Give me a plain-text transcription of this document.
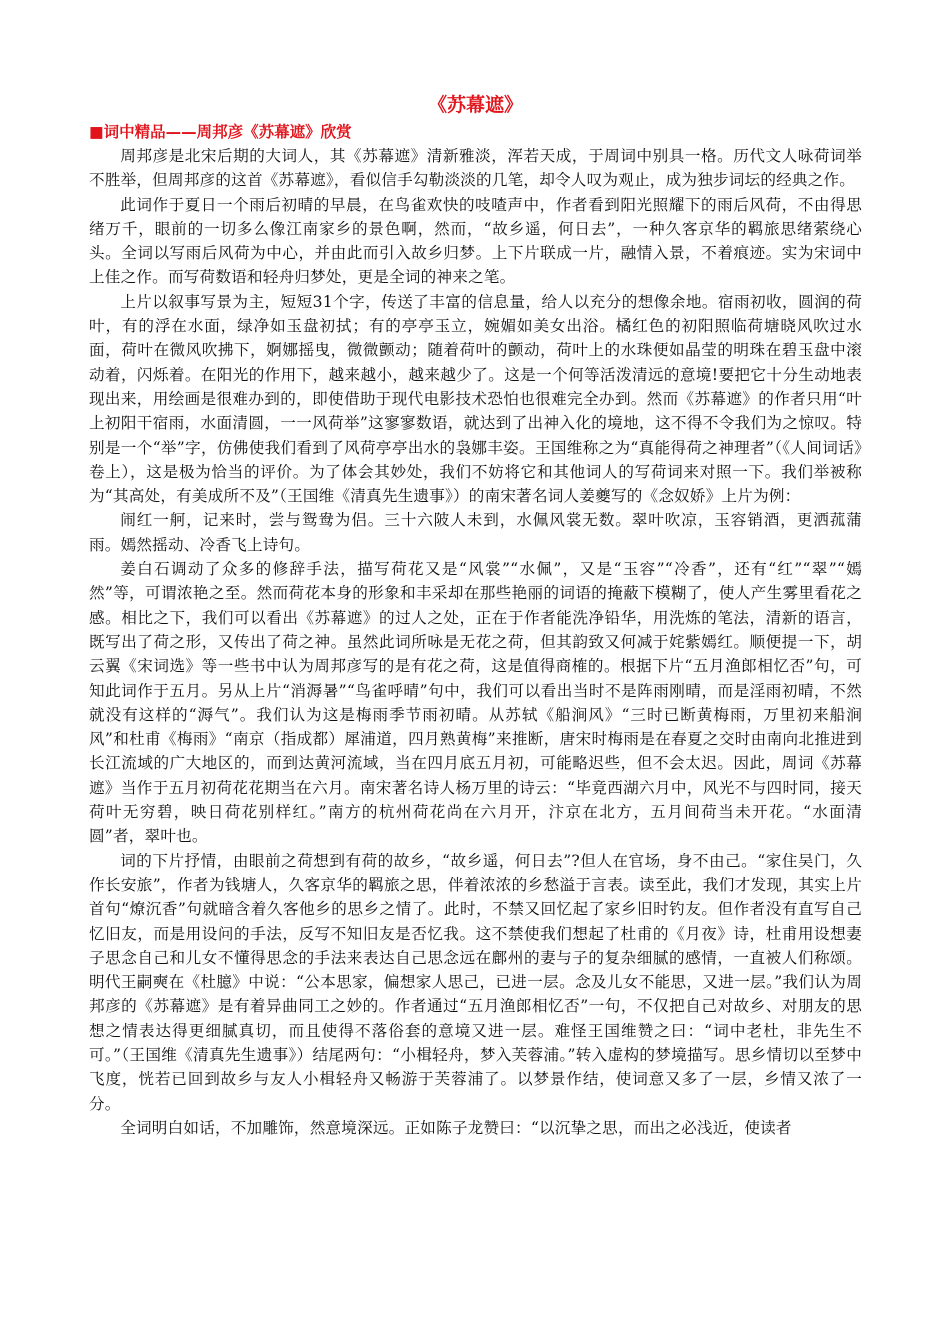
《苏幕遮》

■词中精品——周邦彦《苏幕遮》欣赏

周邦彦是北宋后期的大词人，其《苏幕遮》清新雅淡，浑若天成，于周词中别具一格。历代文人咏荷词举不胜举，但周邦彦的这首《苏幕遮》，看似信手勾勒淡淡的几笔，却令人叹为观止，成为独步词坛的经典之作。

此词作于夏日一个雨后初晴的早晨，在鸟雀欢快的吱喳声中，作者看到阳光照耀下的雨后风荷，不由得思绪万千，眼前的一切多么像江南家乡的景色啊，然而，“故乡遥，何日去”，一种久客京华的羁旅思绪萦绕心头。全词以写雨后风荷为中心，并由此而引入故乡归梦。上下片联成一片，融情入景，不着痕迹。实为宋词中上佳之作。而写荷数语和轻舟归梦处，更是全词的神来之笔。

上片以叙事写景为主，短短31个字，传送了丰富的信息量，给人以充分的想像余地。宿雨初收，圆润的荷叶，有的浮在水面，绿净如玉盘初拭；有的亭亭玉立，婉媚如美女出浴。橘红色的初阳照临荷塘晓风吹过水面，荷叶在微风吹拂下，婀娜摇曳，微微颤动；随着荷叶的颤动，荷叶上的水珠便如晶莹的明珠在碧玉盘中滚动着，闪烁着。在阳光的作用下，越来越小，越来越少了。这是一个何等活泼清远的意境!要把它十分生动地表现出来，用绘画是很难办到的，即使借助于现代电影技术恐怕也很难完全办到。然而《苏幕遮》的作者只用“叶上初阳干宿雨，水面清圆，一一风荷举”这寥寥数语，就达到了出神入化的境地，这不得不令我们为之惊叹。特别是一个“举”字，仿佛使我们看到了风荷亭亭出水的袅娜丰姿。王国维称之为“真能得荷之神理者”（《人间词话》卷上），这是极为恰当的评价。为了体会其妙处，我们不妨将它和其他词人的写荷词来对照一下。我们举被称为“其高处，有美成所不及”（王国维《清真先生遗事》）的南宋著名词人姜夔写的《念奴娇》上片为例：

闹红一舸，记来时，尝与鸳鸯为侣。三十六陂人未到，水佩风裳无数。翠叶吹凉，玉容销酒，更洒菰蒲雨。嫣然摇动、冷香飞上诗句。

姜白石调动了众多的修辞手法，描写荷花又是“风裳”“水佩”，又是“玉容”“冷香”，还有“红”“翠”“嫣然”等，可谓浓艳之至。然而荷花本身的形象和丰采却在那些艳丽的词语的掩蔽下模糊了，使人产生雾里看花之感。相比之下，我们可以看出《苏幕遮》的过人之处，正在于作者能洗净铅华，用洗炼的笔法，清新的语言，既写出了荷之形，又传出了荷之神。虽然此词所咏是无花之荷，但其韵致又何减于姹紫嫣红。顺便提一下，胡云翼《宋词选》等一些书中认为周邦彦写的是有花之荷，这是值得商榷的。根据下片“五月渔郎相忆否”句，可知此词作于五月。另从上片“消溽暑”“鸟雀呼晴”句中，我们可以看出当时不是阵雨刚晴，而是淫雨初晴，不然就没有这样的“溽气”。我们认为这是梅雨季节雨初晴。从苏轼《船涧风》“三时已断黄梅雨，万里初来船涧风”和杜甫《梅雨》“南京（指成都）犀浦道，四月熟黄梅”来推断，唐宋时梅雨是在春夏之交时由南向北推进到长江流域的广大地区的，而到达黄河流域，当在四月底五月初，可能略迟些，但不会太迟。因此，周词《苏幕遮》当作于五月初荷花花期当在六月。南宋著名诗人杨万里的诗云：“毕竟西湖六月中，风光不与四时同，接天荷叶无穷碧，映日荷花别样红。”南方的杭州荷花尚在六月开，汴京在北方，五月间荷当未开花。“水面清圆”者，翠叶也。

词的下片抒情，由眼前之荷想到有荷的故乡，“故乡遥，何日去”?但人在官场，身不由己。“家住吴门，久作长安旅”，作者为钱塘人，久客京华的羁旅之思，伴着浓浓的乡愁溢于言表。读至此，我们才发现，其实上片首句“燎沉香”句就暗含着久客他乡的思乡之情了。此时，不禁又回忆起了家乡旧时钓友。但作者没有直写自己忆旧友，而是用设问的手法，反写不知旧友是否忆我。这不禁使我们想起了杜甫的《月夜》诗，杜甫用设想妻子思念自己和儿女不懂得思念的手法来表达自己思念远在鄜州的妻与子的复杂细腻的感情，一直被人们称颂。明代王嗣奭在《杜臆》中说：“公本思家，偏想家人思己，已进一层。念及儿女不能思，又进一层。”我们认为周邦彦的《苏幕遮》是有着异曲同工之妙的。作者通过“五月渔郎相忆否”一句，不仅把自己对故乡、对朋友的思想之情表达得更细腻真切，而且使得不落俗套的意境又进一层。难怪王国维赞之曰：“词中老杜，非先生不可。”（王国维《清真先生遗事》）结尾两句：“小楫轻舟，梦入芙蓉浦。”转入虚构的梦境描写。思乡情切以至梦中飞度，恍若已回到故乡与友人小楫轻舟又畅游于芙蓉浦了。以梦景作结，使词意又多了一层，乡情又浓了一分。

全词明白如话，不加雕饰，然意境深远。正如陈子龙赞曰：“以沉挚之思，而出之必浅近，使读者
